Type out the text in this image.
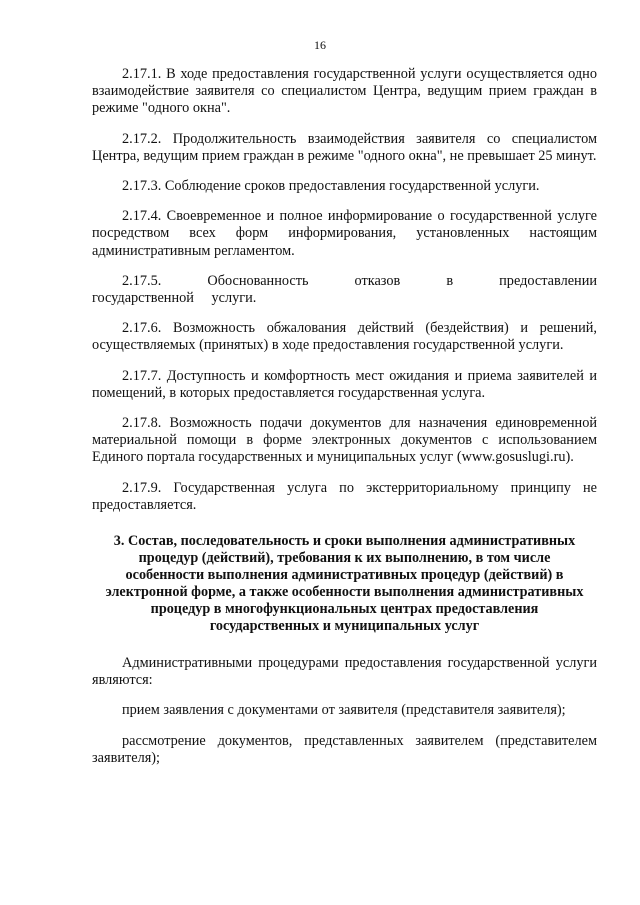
16

2.17.1. В ходе предоставления государственной услуги осуществляется одно взаимодействие заявителя со специалистом Центра, ведущим прием граждан в режиме "одного окна".

2.17.2. Продолжительность взаимодействия заявителя со специалистом Центра, ведущим прием граждан в режиме "одного окна", не превышает 25 минут.

2.17.3. Соблюдение сроков предоставления государственной услуги.

2.17.4. Своевременное и полное информирование о государственной услуге посредством всех форм информирования, установленных настоящим административным регламентом.

2.17.5. Обоснованность отказов в предоставлении государственной услуги.

2.17.6. Возможность обжалования действий (бездействия) и решений, осуществляемых (принятых) в ходе предоставления государственной услуги.

2.17.7. Доступность и комфортность мест ожидания и приема заявителей и помещений, в которых предоставляется государственная услуга.

2.17.8. Возможность подачи документов для назначения единовременной материальной помощи в форме электронных документов с использованием Единого портала государственных и муниципальных услуг (www.gosuslugi.ru).

2.17.9. Государственная услуга по экстерриториальному принципу не предоставляется.

3. Состав, последовательность и сроки выполнения административных процедур (действий), требования к их выполнению, в том числе особенности выполнения административных процедур (действий) в электронной форме, а также особенности выполнения административных процедур в многофункциональных центрах предоставления государственных и муниципальных услуг

Административными процедурами предоставления государственной услуги являются:

прием заявления с документами от заявителя (представителя заявителя);

рассмотрение документов, представленных заявителем (представителем заявителя);
